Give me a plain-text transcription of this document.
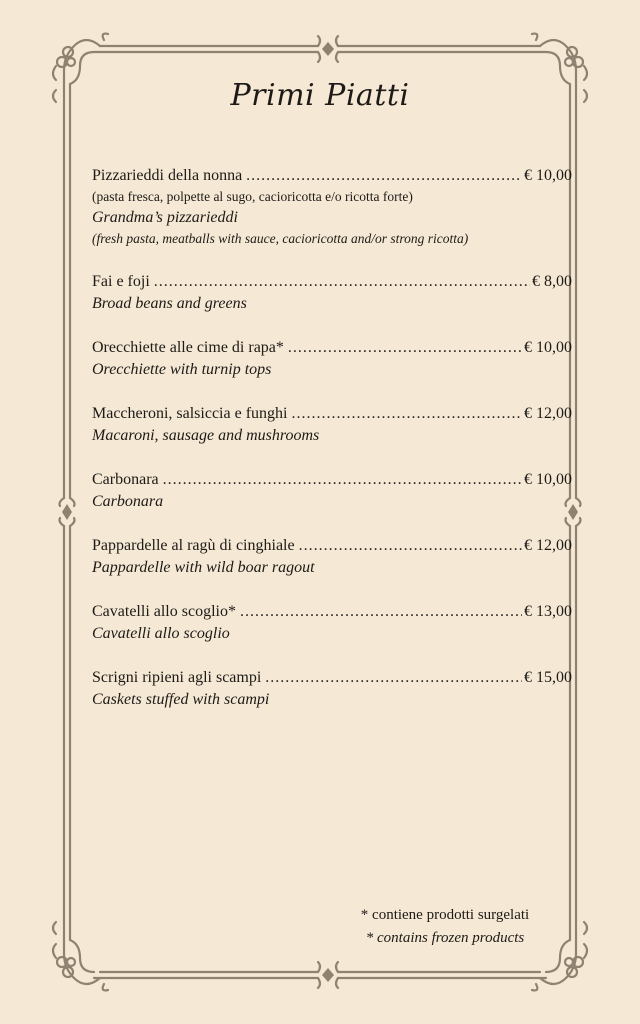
Primi Piatti
Pizzarieddi della nonna .....	€ 10,00
(pasta fresca, polpette al sugo, cacioricotta e/o ricotta forte)
Grandma’s pizzarieddi
(fresh pasta, meatballs with sauce, cacioricotta and/or strong ricotta)
Fai e foji .....	€ 8,00
Broad beans and greens
Orecchiette alle cime di rapa* .....	€ 10,00
Orecchiette with turnip tops
Maccheroni, salsiccia e funghi .....	€ 12,00
Macaroni, sausage and mushrooms
Carbonara .....	€ 10,00
Carbonara
Pappardelle al ragù di cinghiale .....	€ 12,00
Pappardelle with wild boar ragout
Cavatelli allo scoglio* .....	€ 13,00
Cavatelli allo scoglio
Scrigni ripieni agli scampi .....	€ 15,00
Caskets stuffed with scampi
* contiene prodotti surgelati
* contains frozen products
